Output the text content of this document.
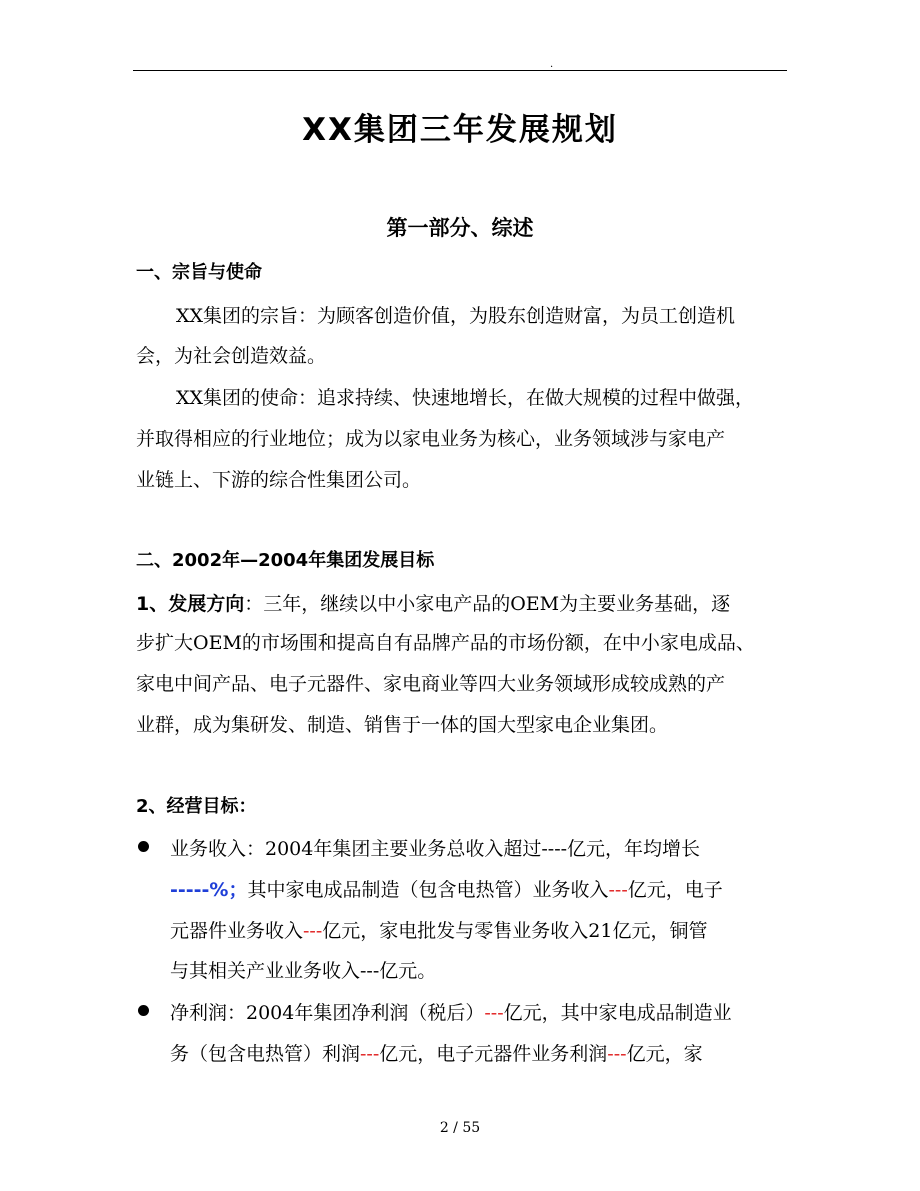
.
XX集团三年发展规划
第一部分、综述
一、宗旨与使命
XX集团的宗旨：为顾客创造价值，为股东创造财富，为员工创造机
会，为社会创造效益。
XX集团的使命：追求持续、快速地增长，在做大规模的过程中做强，
并取得相应的行业地位；成为以家电业务为核心，业务领域涉与家电产
业链上、下游的综合性集团公司。
二、2002年—2004年集团发展目标
1、发展方向：三年，继续以中小家电产品的OEM为主要业务基础，逐
步扩大OEM的市场围和提高自有品牌产品的市场份额，在中小家电成品、
家电中间产品、电子元器件、家电商业等四大业务领域形成较成熟的产
业群，成为集研发、制造、销售于一体的国大型家电企业集团。
2、经营目标：
业务收入：2004年集团主要业务总收入超过----亿元，年均增长
-----%；其中家电成品制造（包含电热管）业务收入---亿元，电子
元器件业务收入---亿元，家电批发与零售业务收入21亿元，铜管
与其相关产业业务收入---亿元。
净利润：2004年集团净利润（税后）---亿元，其中家电成品制造业
务（包含电热管）利润---亿元，电子元器件业务利润---亿元，家
2 / 55
